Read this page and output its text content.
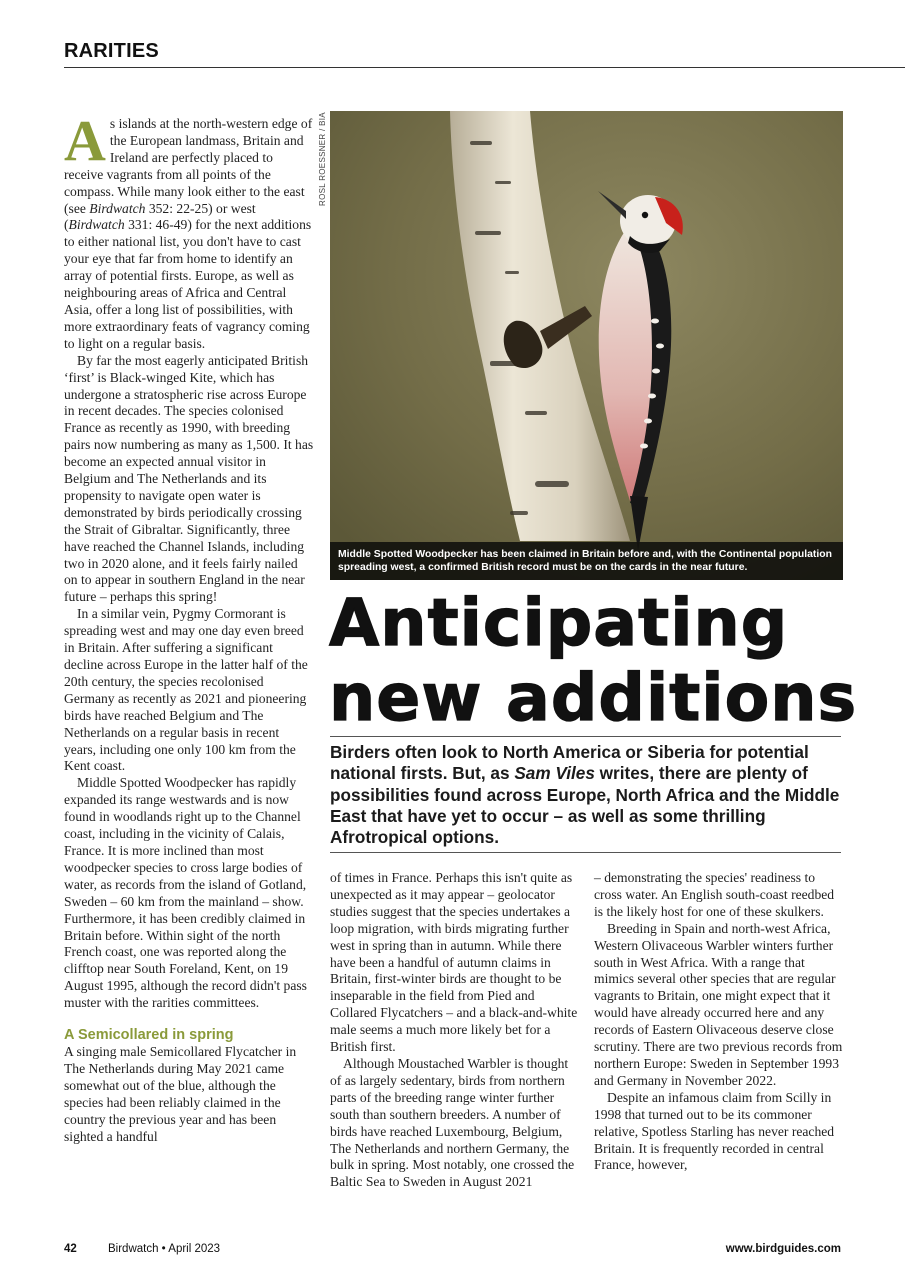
RARITIES

As islands at the north-western edge of the European landmass, Britain and Ireland are perfectly placed to receive vagrants from all points of the compass. While many look either to the east (see Birdwatch 352: 22-25) or west (Birdwatch 331: 46-49) for the next additions to either national list, you don't have to cast your eye that far from home to identify an array of potential firsts. Europe, as well as neighbouring areas of Africa and Central Asia, offer a long list of possibilities, with more extraordinary feats of vagrancy coming to light on a regular basis.

By far the most eagerly anticipated British ‘first’ is Black-winged Kite, which has undergone a stratospheric rise across Europe in recent decades. The species colonised France as recently as 1990, with breeding pairs now numbering as many as 1,500. It has become an expected annual visitor in Belgium and The Netherlands and its propensity to navigate open water is demonstrated by birds periodically crossing the Strait of Gibraltar. Significantly, three have reached the Channel Islands, including two in 2020 alone, and it feels fairly nailed on to appear in southern England in the near future – perhaps this spring!

In a similar vein, Pygmy Cormorant is spreading west and may one day even breed in Britain. After suffering a significant decline across Europe in the latter half of the 20th century, the species recolonised Germany as recently as 2021 and pioneering birds have reached Belgium and The Netherlands on a regular basis in recent years, including one only 100 km from the Kent coast.

Middle Spotted Woodpecker has rapidly expanded its range westwards and is now found in woodlands right up to the Channel coast, including in the vicinity of Calais, France. It is more inclined than most woodpecker species to cross large bodies of water, as records from the island of Gotland, Sweden – 60 km from the mainland – show. Furthermore, it has been credibly claimed in Britain before. Within sight of the north French coast, one was reported along the clifftop near South Foreland, Kent, on 19 August 1995, although the record didn't pass muster with the rarities committees.

A Semicollared in spring

A singing male Semicollared Flycatcher in The Netherlands during May 2021 came somewhat out of the blue, although the species had been reliably claimed in the country the previous year and has been sighted a handful

ROSL ROESSNER / BIA
Middle Spotted Woodpecker has been claimed in Britain before and, with the Continental population spreading west, a confirmed British record must be on the cards in the near future.
Anticipating
new additions
Birders often look to North America or Siberia for potential national firsts. But, as Sam Viles writes, there are plenty of possibilities found across Europe, North Africa and the Middle East that have yet to occur – as well as some thrilling Afrotropical options.

of times in France. Perhaps this isn't quite as unexpected as it may appear – geolocator studies suggest that the species undertakes a loop migration, with birds migrating further west in spring than in autumn. While there have been a handful of autumn claims in Britain, first-winter birds are thought to be inseparable in the field from Pied and Collared Flycatchers – and a black-and-white male seems a much more likely bet for a British first.

Although Moustached Warbler is thought of as largely sedentary, birds from northern parts of the breeding range winter further south than southern breeders. A number of birds have reached Luxembourg, Belgium, The Netherlands and northern Germany, the bulk in spring. Most notably, one crossed the Baltic Sea to Sweden in August 2021

– demonstrating the species' readiness to cross water. An English south-coast reedbed is the likely host for one of these skulkers.

Breeding in Spain and north-west Africa, Western Olivaceous Warbler winters further south in West Africa. With a range that mimics several other species that are regular vagrants to Britain, one might expect that it would have already occurred here and any records of Eastern Olivaceous deserve close scrutiny. There are two previous records from northern Europe: Sweden in September 1993 and Germany in November 2022.

Despite an infamous claim from Scilly in 1998 that turned out to be its commoner relative, Spotless Starling has never reached Britain. It is frequently recorded in central France, however,

42	Birdwatch • April 2023	www.birdguides.com
